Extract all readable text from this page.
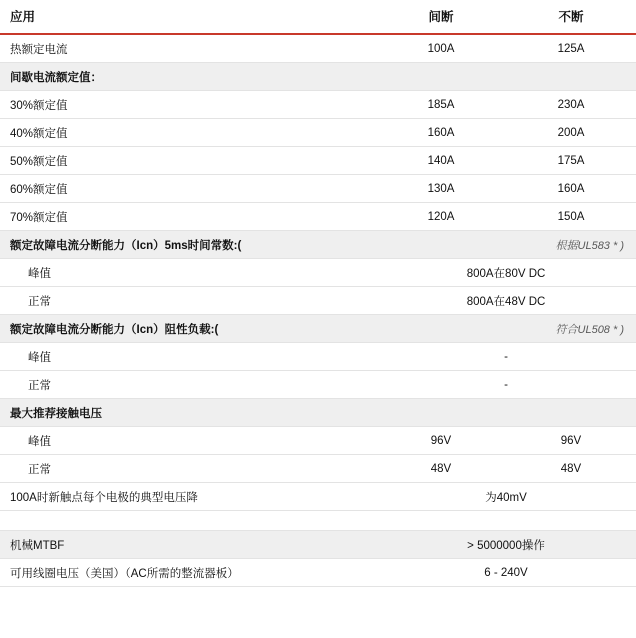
应用	间断	不断
热额定电流	100A	125A
间歇电流额定值：		
30%额定值	185A	230A
40%额定值	160A	200A
50%额定值	140A	175A
60%额定值	130A	160A
70%额定值	120A	150A
额定故障电流分断能力（Icn）5ms时间常数:(	根据UL583 * )	
峰值	800A在80V DC	
正常	800A在48V DC	
额定故障电流分断能力（Icn）阻性负载:(	符合UL508 * )	
峰值	-	
正常	-	
最大推荐接触电压		
峰值	96V	96V
正常	48V	48V
100A时新触点每个电极的典型电压降	为40mV	

机械MTBF	> 5000000操作	
可用线圈电压（美国）（AC所需的整流器板）	6 - 240V	
